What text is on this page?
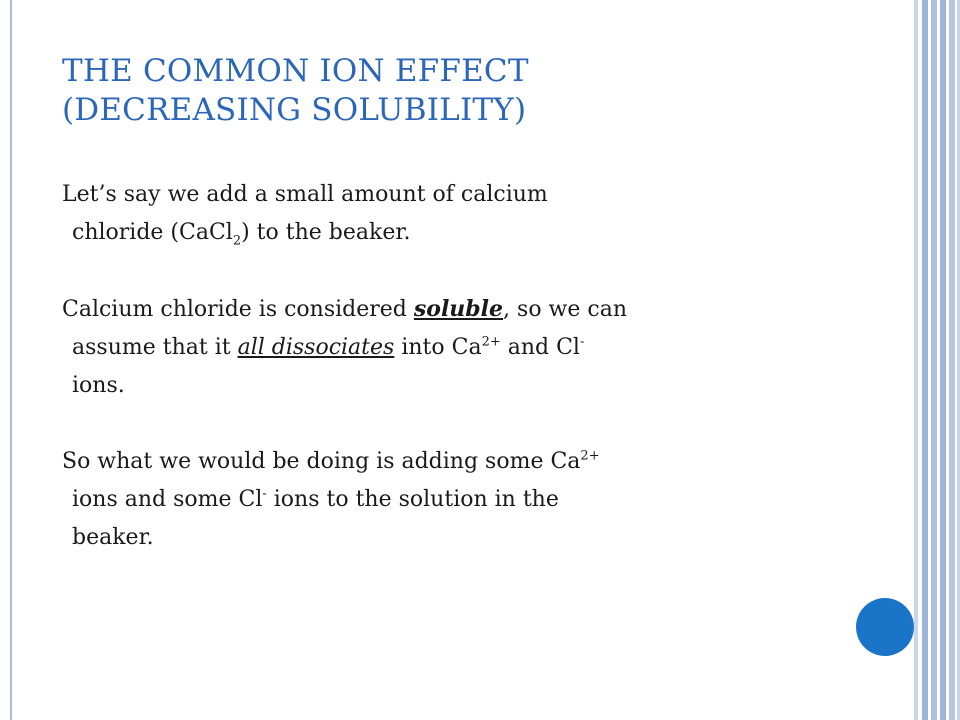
THE COMMON ION EFFECT
(DECREASING SOLUBILITY)

Let’s say we add a small amount of calcium
chloride (CaCl$_2$) to the beaker.

Calcium chloride is considered soluble, so we can
assume that it all dissociates into $Ca^{2+}$ and Cl-
ions.

So what we would be doing is adding some $Ca^{2+}$
ions and some Cl- ions to the solution in the
beaker.
